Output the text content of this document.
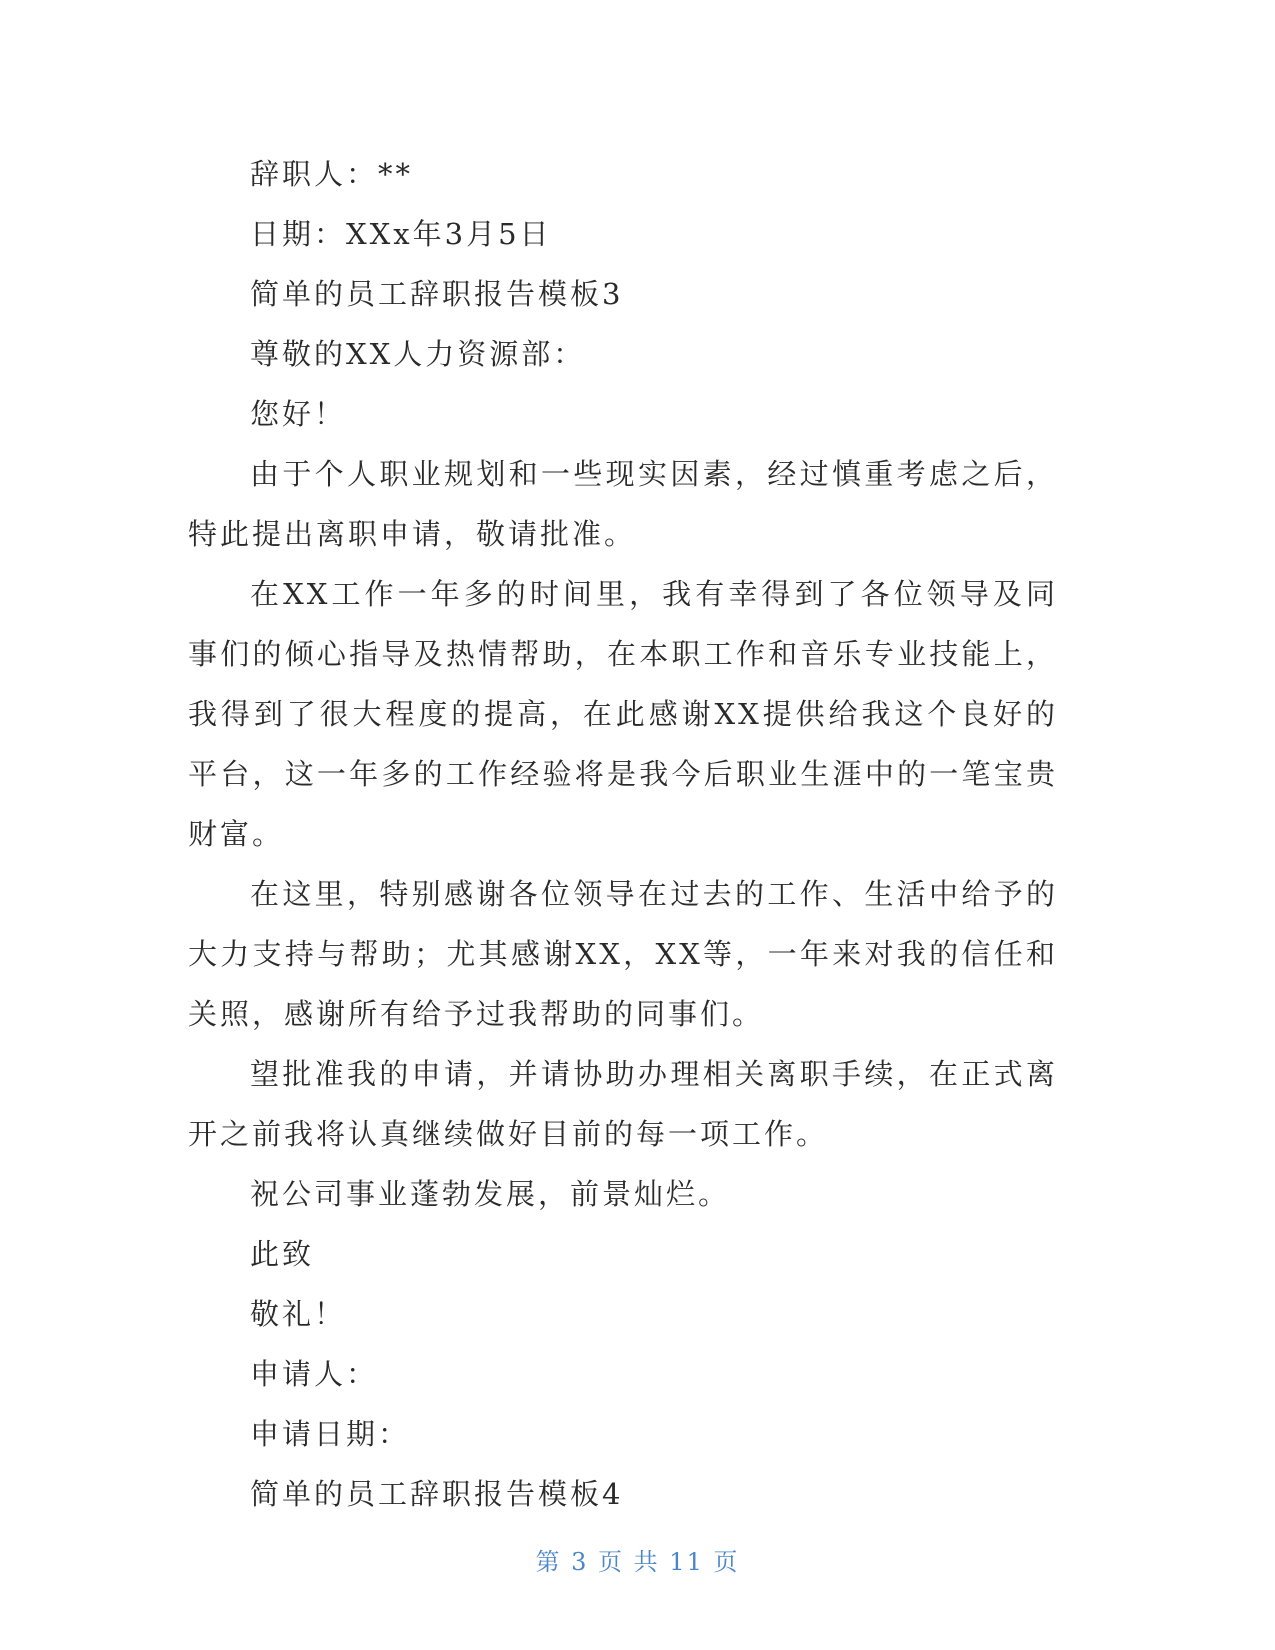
辞职人：**
日期：XXx年3月5日
简单的员工辞职报告模板3
尊敬的XX人力资源部：
您好！
由于个人职业规划和一些现实因素，经过慎重考虑之后，特此提出离职申请，敬请批准。
在XX工作一年多的时间里，我有幸得到了各位领导及同事们的倾心指导及热情帮助，在本职工作和音乐专业技能上，我得到了很大程度的提高，在此感谢XX提供给我这个良好的平台，这一年多的工作经验将是我今后职业生涯中的一笔宝贵财富。
在这里，特别感谢各位领导在过去的工作、生活中给予的大力支持与帮助；尤其感谢XX，XX等，一年来对我的信任和关照，感谢所有给予过我帮助的同事们。
望批准我的申请，并请协助办理相关离职手续，在正式离开之前我将认真继续做好目前的每一项工作。
祝公司事业蓬勃发展，前景灿烂。
此致
敬礼！
申请人：
申请日期：
简单的员工辞职报告模板4
第 3 页 共 11 页
